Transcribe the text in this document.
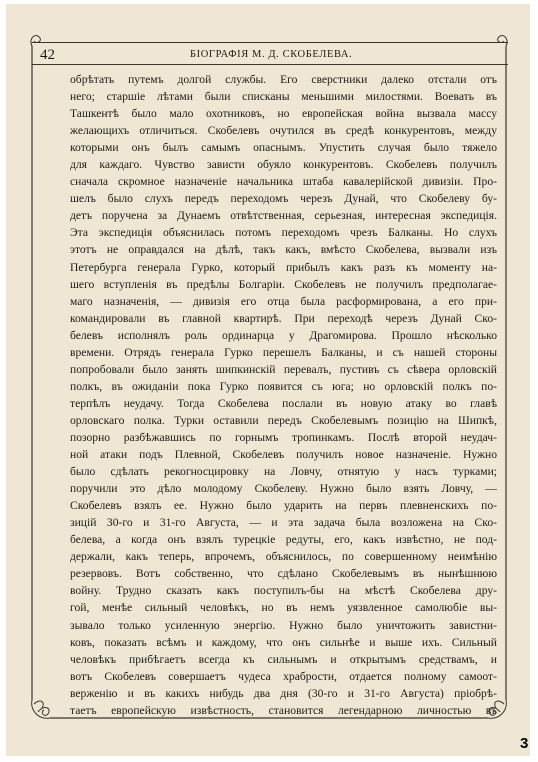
42	БІОГРАФІЯ М. Д. СКОБЕЛЕВА.
обрѣтать путемъ долгой службы. Его сверстники далеко отстали отъ
него; старшіе лѣтами были списканы меньшими милостями. Воевать въ
Ташкентѣ было мало охотниковъ, но европейская война вызвала массу
желающихъ отличиться. Скобелевъ очутился въ средѣ конкурентовъ, между
которыми онъ былъ самымъ опаснымъ. Упустить случая было тяжело
для каждаго. Чувство зависти обуяло конкурентовъ. Скобелевъ получилъ
сначала скромное назначеніе начальника штаба кавалерійской дивизіи. Про-
шелъ было слухъ передъ переходомъ черезъ Дунай, что Скобелеву бу-
детъ поручена за Дунаемъ отвѣтственная, серьезная, интересная экспедиція.
Эта экспедиція объяснилась потомъ переходомъ чрезъ Балканы. Но слухъ
этотъ не оправдался на дѣлѣ, такъ какъ, вмѣсто Скобелева, вызвали изъ
Петербурга генерала Гурко, который прибылъ какъ разъ къ моменту на-
шего вступленія въ предѣлы Болгаріи. Скобелевъ не получилъ предполагае-
маго назначенія, — дивизія его отца была расформирована, а его при-
командировали въ главной квартирѣ. При переходѣ черезъ Дунай Ско-
белевъ исполнялъ роль ординарца у Драгомирова. Прошло нѣсколько
времени. Отрядъ генерала Гурко перешелъ Балканы, и съ нашей стороны
попробовали было занять шипкинскій перевалъ, пустивъ съ сѣвера орловскій
полкъ, въ ожиданіи пока Гурко появится съ юга; но орловскій полкъ по-
терпѣлъ неудачу. Тогда Скобелева послали въ новую атаку во главѣ
орловскаго полка. Турки оставили передъ Скобелевымъ позицію на Шипкѣ,
позорно разбѣжавшись по горнымъ тропинкамъ. Послѣ второй неудач-
ной атаки подъ Плевной, Скобелевъ получилъ новое назначеніе. Нужно
было сдѣлать рекогносцировку на Ловчу, отнятую у насъ турками;
поручили это дѣло молодому Скобелеву. Нужно было взять Ловчу, —
Скобелевъ взялъ ее. Нужно было ударить на первъ плевненскихъ по-
зицій 30-го и 31-го Августа, — и эта задача была возложена на Ско-
белева, а когда онъ взялъ турецкіе редуты, его, какъ извѣстно, не под-
держали, какъ теперь, впрочемъ, объяснилось, по совершенному неимѣнію
резервовъ. Вотъ собственно, что сдѣлано Скобелевымъ въ нынѣшнюю
войну. Трудно сказать какъ поступилъ-бы на мѣстѣ Скобелева дру-
гой, менѣе сильный человѣкъ, но въ немъ уязвленное самолюбіе вы-
зывало только усиленную энергію. Нужно было уничтожить завистни-
ковъ, показать всѣмъ и каждому, что онъ сильнѣе и выше ихъ. Сильный
человѣкъ прибѣгаетъ всегда къ сильнымъ и открытымъ средствамъ, и
вотъ Скобелевъ совершаетъ чудеса храбрости, отдается полному самоот-
верженію и въ какихъ нибудь два дня (30-го и 31-го Августа) пріобрѣ-
таетъ европейскую извѣстность, становится легендарною личностью въ
3
